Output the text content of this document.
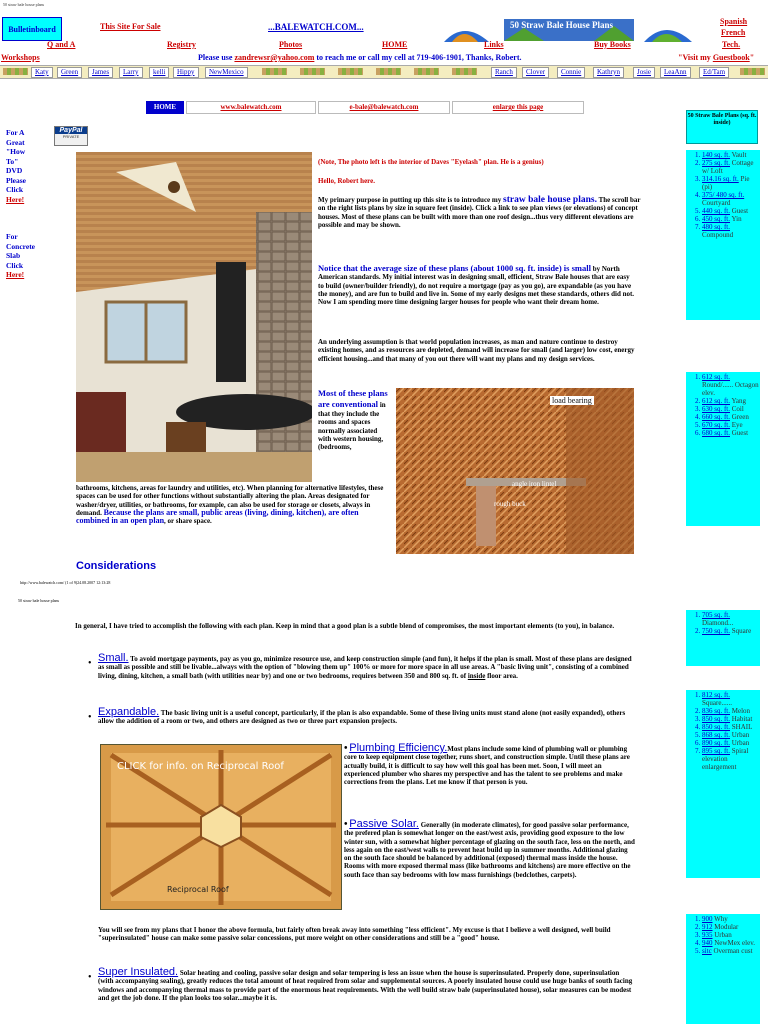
50 straw bale house plans
Bulletinboard	This Site For Sale	...BALEWATCH.COM...	50 Straw Bale House Plans	Spanish
French
Tech.
Q and A	Registry	Photos	HOME	Links	Buy Books
Workshops	Please use zandrewsr@yahoo.com to reach me or call my cell at 719-406-1901, Thanks, Robert.	"Visit my Guestbook"
Katy	Green	James	Larry	kelli	Hippy	NewMexico	Ranch	Clover	Connie	Kathryn	Josie	LeaAnn	Ed/Tam
HOME	www.balewatch.com	e-bale@balewatch.com	enlarge this page
For A
Great
"How
To"
DVD
Please
Click
Here!
For
Concrete
Slab
Click
Here!
PayPal
PRIVATE
(Note, The photo left is the interior of Daves "Eyelash" plan. He is a genius)
Hello, Robert here.
My primary purpose in putting up this site is to introduce my straw bale house plans. The scroll bar on the right lists plans by size in square feet (inside). Click a link to see plan views (or elevations) of concept houses. Most of these plans can be built with more than one roof design...thus very different elevations are possible and may be shown.
Notice that the average size of these plans (about 1000 sq. ft. inside) is small by North American standards. My initial interest was in designing small, efficient, Straw Bale houses that are easy to build (owner/builder friendly), do not require a mortgage (pay as you go), are expandable (as you have the money), and are fun to build and live in. Some of my early designs met these standards, others did not. Now I am spending more time designing larger houses for people who want their dream home.
An underlying assumption is that world population increases, as man and nature continue to destroy existing homes, and as resources are depleted, demand will increase for small (and larger) low cost, energy efficient housing...and that many of you out there will want my plans and my design services.
Most of these plans are conventional in that they include the rooms and spaces normally associated with western housing, (bedrooms,
load bearing
angle iron lintel
rough buck
bathrooms, kitchens, areas for laundry and utilities, etc). When planning for alternative lifestyles, these spaces can be used for other functions without substantially altering the plan. Areas designated for washer/dryer, utilities, or bathrooms, for example, can also be used for storage or closets, always in demand. Because the plans are small, public areas (living, dining, kitchen), are often combined in an open plan, or share space.
Considerations
http://www.balewatch.com/ (1 of 9)24.08.2007 12:13:28
50 straw bale house plans
In general, I have tried to accomplish the following with each plan. Keep in mind that a good plan is a subtle blend of compromises, the most important elements (to you), in balance.
• Small. To avoid mortgage payments, pay as you go, minimize resource use, and keep construction simple (and fun), it helps if the plan is small. Most of these plans are designed as small as possible and still be livable...always with the option of "blowing them up" 100% or more for more space in all use areas. A "basic living unit", consisting of a combined living, dining, kitchen, a small bath (with utilities near by) and one or two bedrooms, requires between 350 and 800 sq. ft. of inside floor area.
• Expandable. The basic living unit is a useful concept, particularly, if the plan is also expandable. Some of these living units must stand alone (not easily expanded), others allow the addition of a room or two, and others are designed as two or three part expansion projects.
CLICK for info. on Reciprocal Roof
Reciprocal Roof
• Plumbing Efficiency.Most plans include some kind of plumbing wall or plumbing core to keep equipment close together, runs short, and construction simple. Until these plans are actually build, it is difficult to say how well this goal has been met. Soon, I will meet an experienced plumber who shares my perspective and has the talent to see problems and make corrections from the plans. Let me know if that person is you.
• Passive Solar. Generally (in moderate climates), for good passive solar performance, the prefered plan is somewhat longer on the east/west axis, providing good exposure to the low winter sun, with a somewhat higher percentage of glazing on the south face, less on the north, and less again on the east/west walls to prevent heat build up in summer months. Additional glazing on the south face should be balanced by additional (exposed) thermal mass inside the house. Rooms with more exposed thermal mass (like bathrooms and kitchens) are more effective on the south face than say bedrooms with low mass furnishings (bedclothes, carpets).
You will see from my plans that I honor the above formula, but fairly often break away into something "less efficient". My excuse is that I believe a well designed, well build "superinsulated" house can make some passive solar concessions, put more weight on other considerations and still be a "good" house.
• Super Insulated. Solar heating and cooling, passive solar design and solar tempering is less an issue when the house is superinsulated. Properly done, superinsulation (with accompanying sealing), greatly reduces the total amount of heat required from solar and supplemental sources. A poorly insulated house could use huge banks of south facing windows and accompanying thermal mass to provide part of the enormous heat requirements. With the well build straw bale (superinsulated house), solar measures can be modest and get the job done. If the plan looks too solar...maybe it is.
50 Straw Bale Plans (sq. ft. inside)
1. 140 sq. ft. Vault
2. 275 sq. ft. Cottage w/ Loft
3. 314.16 sq. ft. Pie (pi)
4. 375/ 480 sq. ft. Courtyard
5. 440 sq. ft. Guest
6. 450 sq. ft. Yin
7. 480 sq. ft. Compound
1. 612 sq. ft. Round/...... Octagon elev.
2. 612 sq. ft. Yang
3. 630 sq. ft. Coil
4. 660 sq. ft. Green
5. 670 sq. ft. Eye
6. 680 sq. ft. Guest
1. 705 sq. ft. Diamond...
2. 750 sq. ft. Square
1. 812 sq. ft. Square......
2. 836 sq. ft. Melon
3. 850 sq. ft. Habitat
4. 850 sq. ft. SHAIL
5. 868 sq. ft. Urban
6. 890 sq. ft. Urban
7. 895 sq. ft. Spiral elevation enlargement
1. 900 Why
2. 912 Modular
3. 935 Urban
4. 940 NewMex elev.
5. sitc Overman cust
